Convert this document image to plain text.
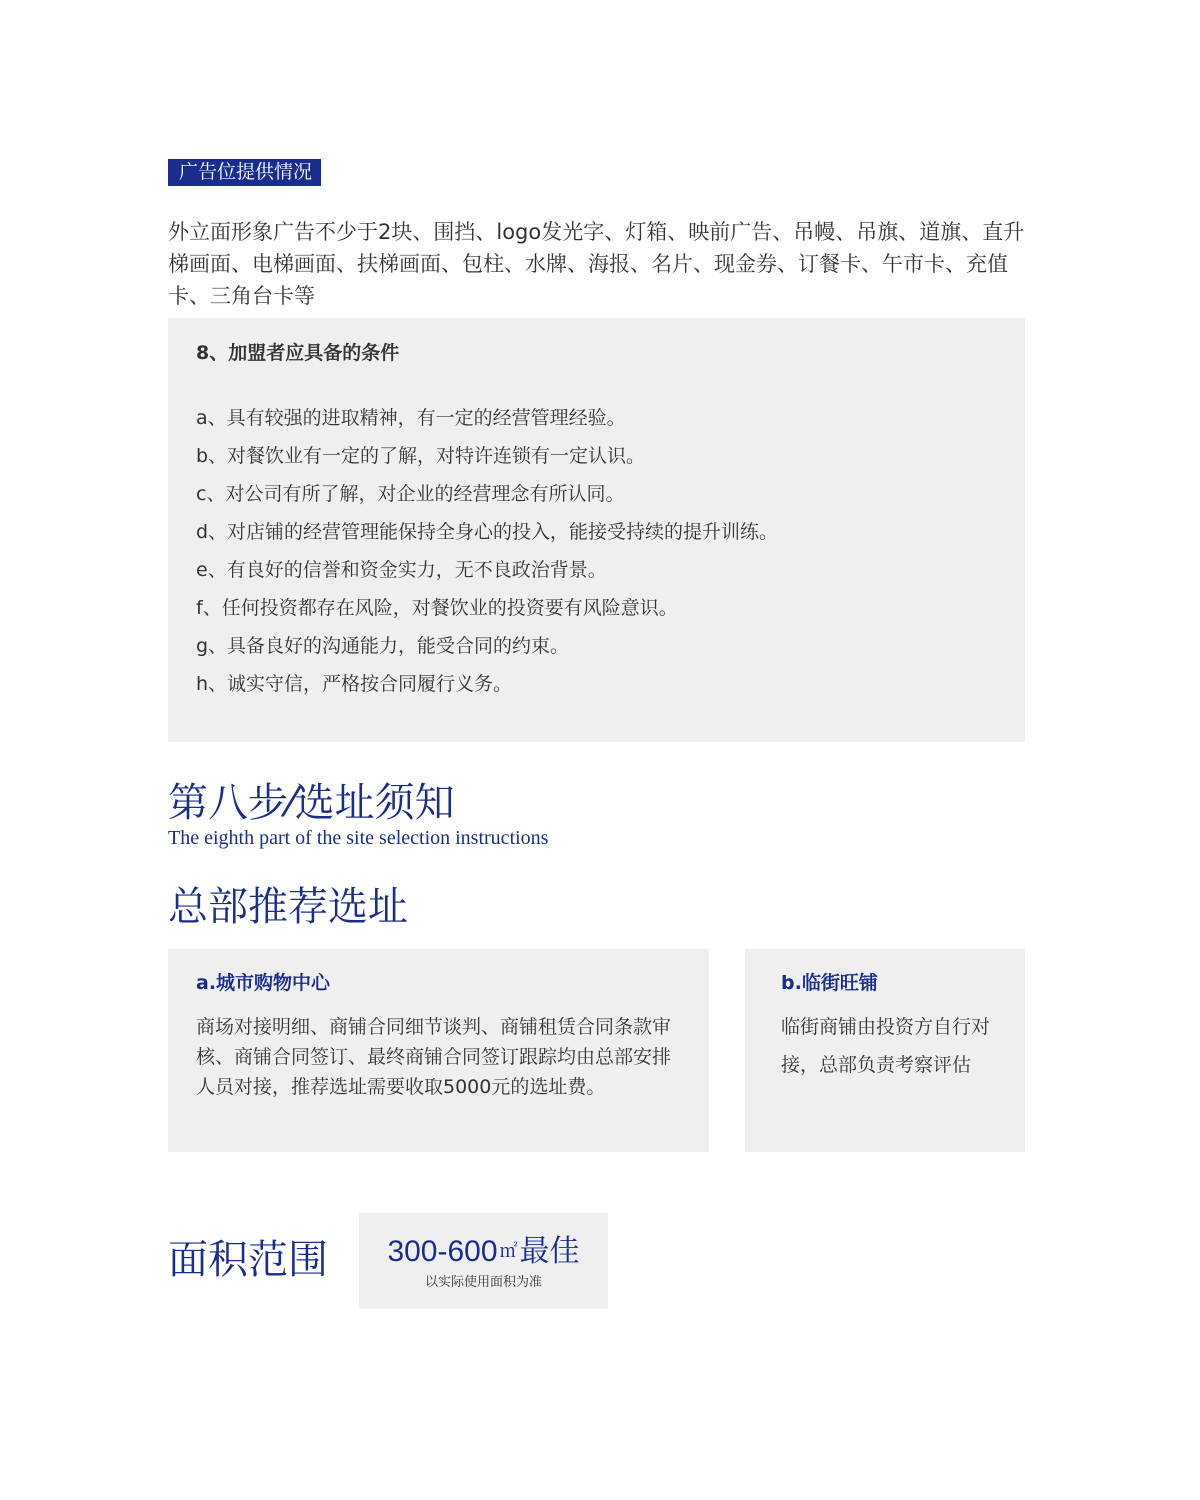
广告位提供情况

外立面形象广告不少于2块、围挡、logo发光字、灯箱、映前广告、吊幔、吊旗、道旗、直升梯画面、电梯画面、扶梯画面、包柱、水牌、海报、名片、现金券、订餐卡、午市卡、充值卡、三角台卡等

8、加盟者应具备的条件
a、具有较强的进取精神，有一定的经营管理经验。
b、对餐饮业有一定的了解，对特许连锁有一定认识。
c、对公司有所了解，对企业的经营理念有所认同。
d、对店铺的经营管理能保持全身心的投入，能接受持续的提升训练。
e、有良好的信誉和资金实力，无不良政治背景。
f、任何投资都存在风险，对餐饮业的投资要有风险意识。
g、具备良好的沟通能力，能受合同的约束。
h、诚实守信，严格按合同履行义务。
第八步⁄选址须知
The eighth part of the site selection instructions
总部推荐选址
a.城市购物中心

商场对接明细、商铺合同细节谈判、商铺租赁合同条款审核、商铺合同签订、最终商铺合同签订跟踪均由总部安排人员对接，推荐选址需要收取5000元的选址费。

b.临街旺铺

临街商铺由投资方自行对接，总部负责考察评估

面积范围	300-600 ㎡最佳
以实际使用面积为准
